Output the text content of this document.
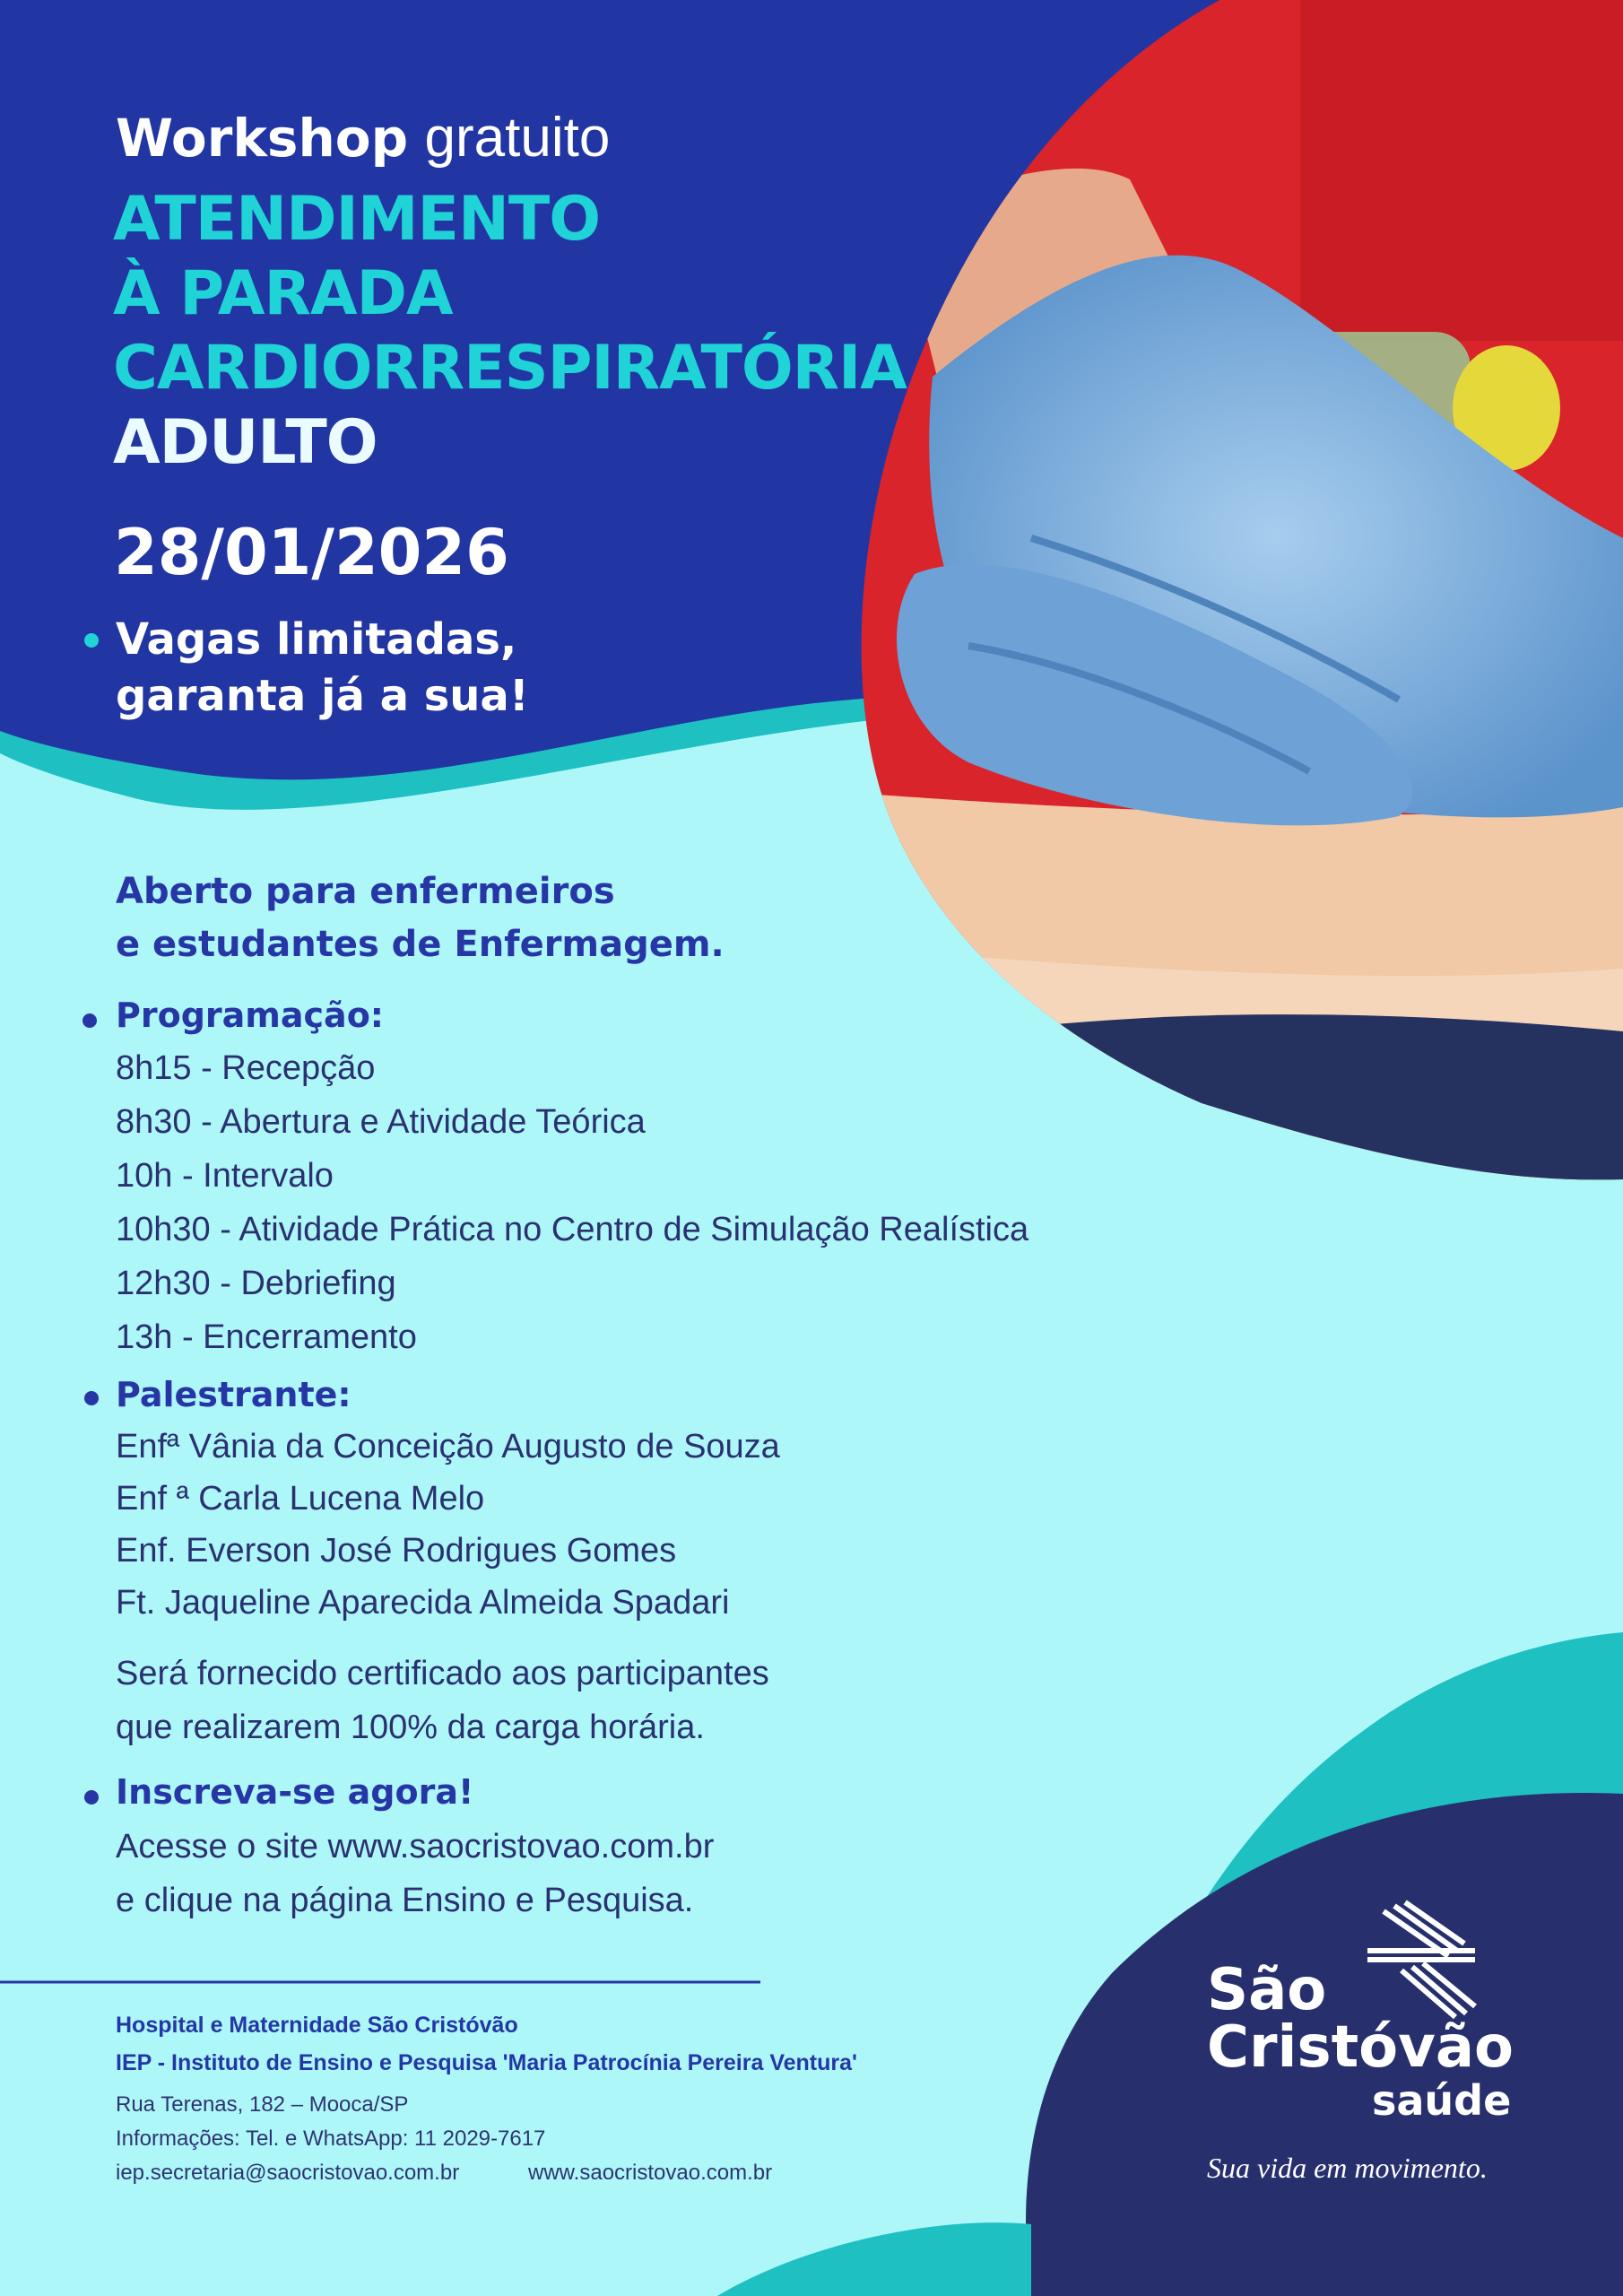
Workshop gratuito
ATENDIMENTO
À PARADA
CARDIORRESPIRATÓRIA
ADULTO
28/01/2026
Vagas limitadas,
garanta já a sua!
Aberto para enfermeiros
e estudantes de Enfermagem.
Programação:
8h15 - Recepção
8h30 - Abertura e Atividade Teórica
10h - Intervalo
10h30 - Atividade Prática no Centro de Simulação Realística
12h30 - Debriefing
13h - Encerramento
Palestrante:
Enfª Vânia da Conceição Augusto de Souza
Enf ª Carla Lucena Melo
Enf. Everson José Rodrigues Gomes
Ft. Jaqueline Aparecida Almeida Spadari
Será fornecido certificado aos participantes
que realizarem 100% da carga horária.
Inscreva-se agora!
Acesse o site www.saocristovao.com.br
e clique na página Ensino e Pesquisa.
Hospital e Maternidade São Cristóvão
IEP - Instituto de Ensino e Pesquisa 'Maria Patrocínia Pereira Ventura'
Rua Terenas, 182 – Mooca/SP
Informações: Tel. e WhatsApp: 11 2029-7617
iep.secretaria@saocristovao.com.br	www.saocristovao.com.br
São
Cristóvão
saúde
Sua vida em movimento.
